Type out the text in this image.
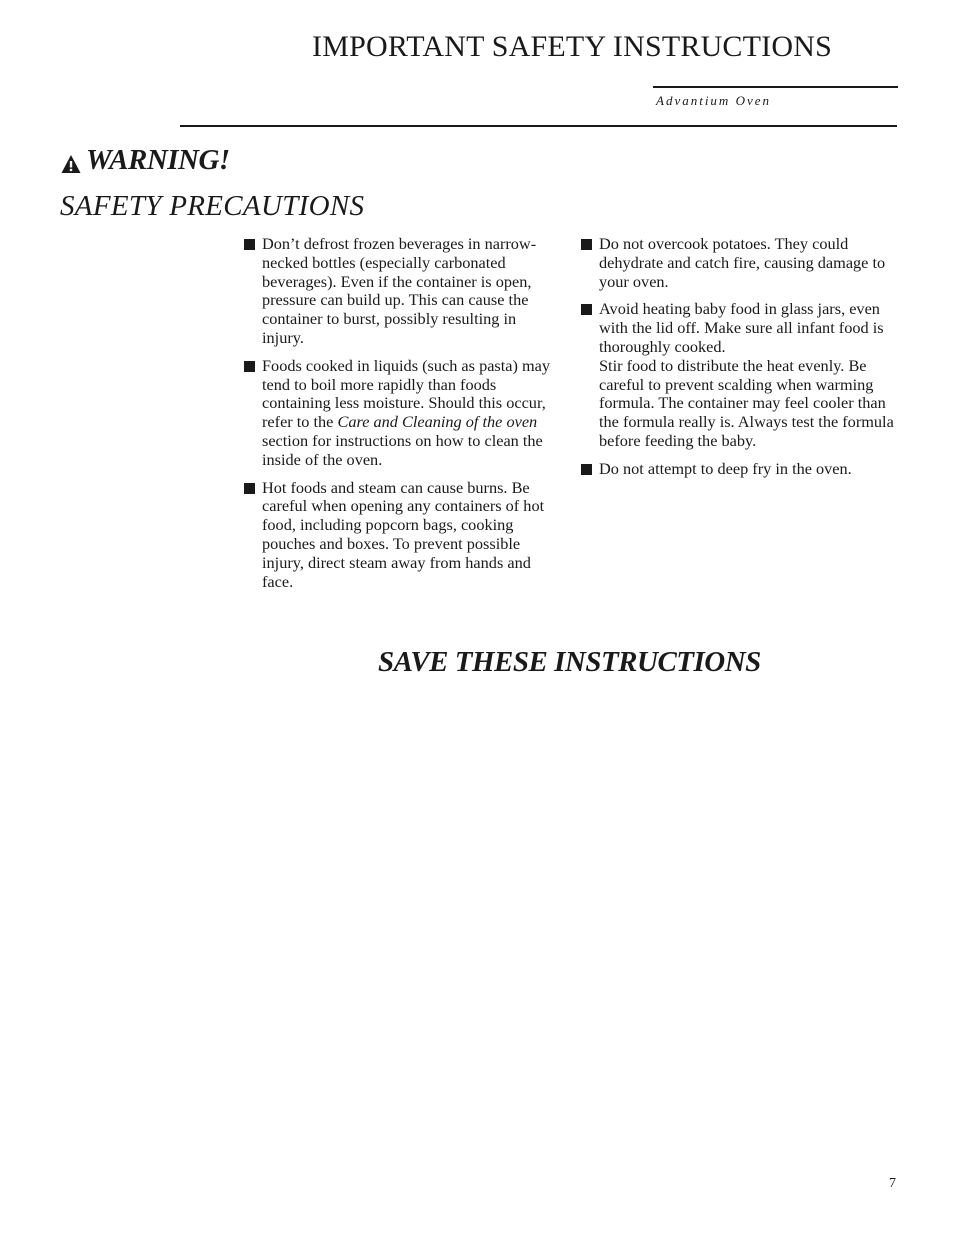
IMPORTANT SAFETY INSTRUCTIONS
Advantium Oven
WARNING!
SAFETY PRECAUTIONS
Don’t defrost frozen beverages in narrow-necked bottles (especially carbonated beverages). Even if the container is open, pressure can build up. This can cause the container to burst, possibly resulting in injury.
Foods cooked in liquids (such as pasta) may tend to boil more rapidly than foods containing less moisture. Should this occur, refer to the Care and Cleaning of the oven section for instructions on how to clean the inside of the oven.
Hot foods and steam can cause burns. Be careful when opening any containers of hot food, including popcorn bags, cooking pouches and boxes. To prevent possible injury, direct steam away from hands and face.
Do not overcook potatoes. They could dehydrate and catch fire, causing damage to your oven.

Avoid heating baby food in glass jars, even with the lid off. Make sure all infant food is thoroughly cooked.

Stir food to distribute the heat evenly. Be careful to prevent scalding when warming formula. The container may feel cooler than the formula really is. Always test the formula before feeding the baby.

Do not attempt to deep fry in the oven.
SAVE THESE INSTRUCTIONS
7
